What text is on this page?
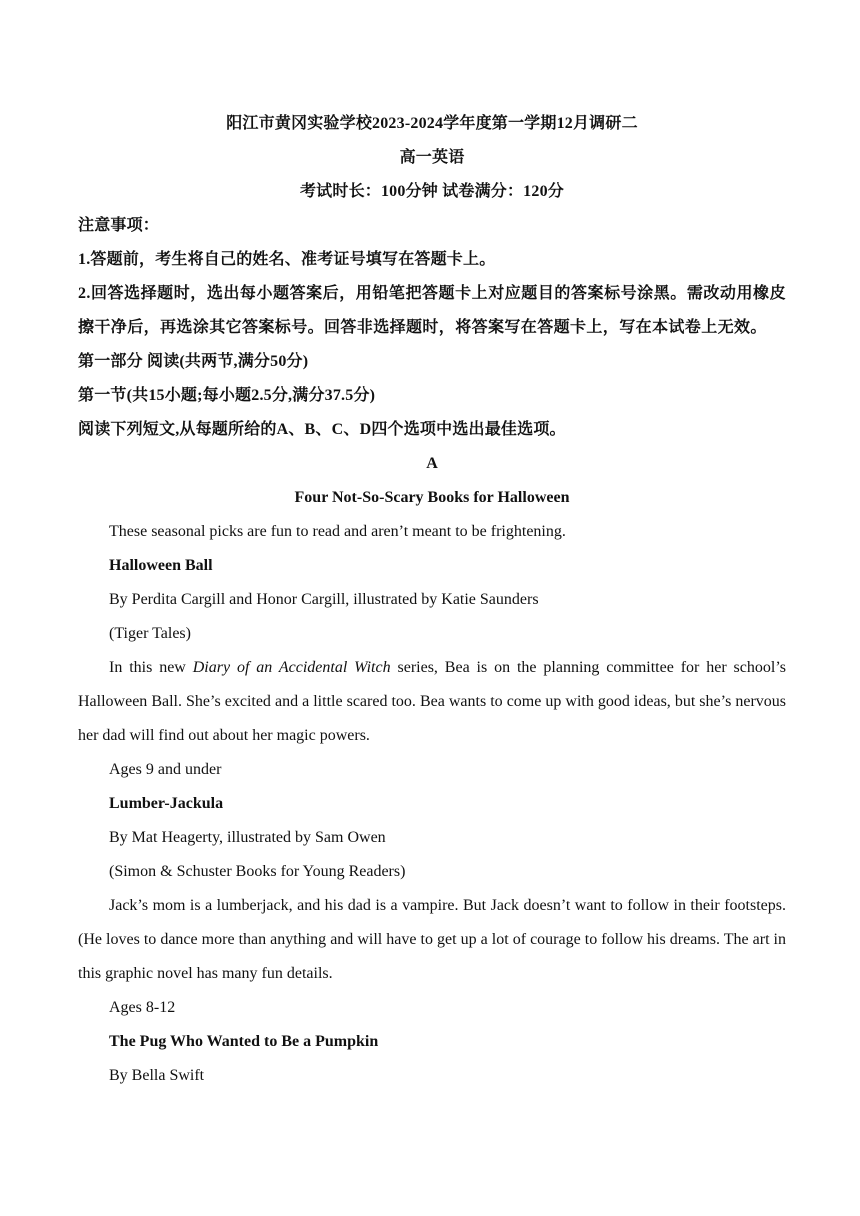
阳江市黄冈实验学校2023-2024学年度第一学期12月调研二

高一英语

考试时长：100分钟 试卷满分：120分

注意事项：

1.答题前，考生将自己的姓名、准考证号填写在答题卡上。

2.回答选择题时，选出每小题答案后，用铅笔把答题卡上对应题目的答案标号涂黑。需改动用橡皮擦干净后，再选涂其它答案标号。回答非选择题时，将答案写在答题卡上，写在本试卷上无效。

第一部分 阅读(共两节,满分50分)

第一节(共15小题;每小题2.5分,满分37.5分)

阅读下列短文,从每题所给的A、B、C、D四个选项中选出最佳选项。

A

Four Not-So-Scary Books for Halloween

These seasonal picks are fun to read and aren’t meant to be frightening.

Halloween Ball

By Perdita Cargill and Honor Cargill, illustrated by Katie Saunders

(Tiger Tales)

In this new Diary of an Accidental Witch series, Bea is on the planning committee for her school’s Halloween Ball. She’s excited and a little scared too. Bea wants to come up with good ideas, but she’s nervous her dad will find out about her magic powers.

Ages 9 and under

Lumber-Jackula

By Mat Heagerty, illustrated by Sam Owen

(Simon & Schuster Books for Young Readers)

Jack’s mom is a lumberjack, and his dad is a vampire. But Jack doesn’t want to follow in their footsteps.(He loves to dance more than anything and will have to get up a lot of courage to follow his dreams. The art in this graphic novel has many fun details.

Ages 8-12

The Pug Who Wanted to Be a Pumpkin

By Bella Swift
